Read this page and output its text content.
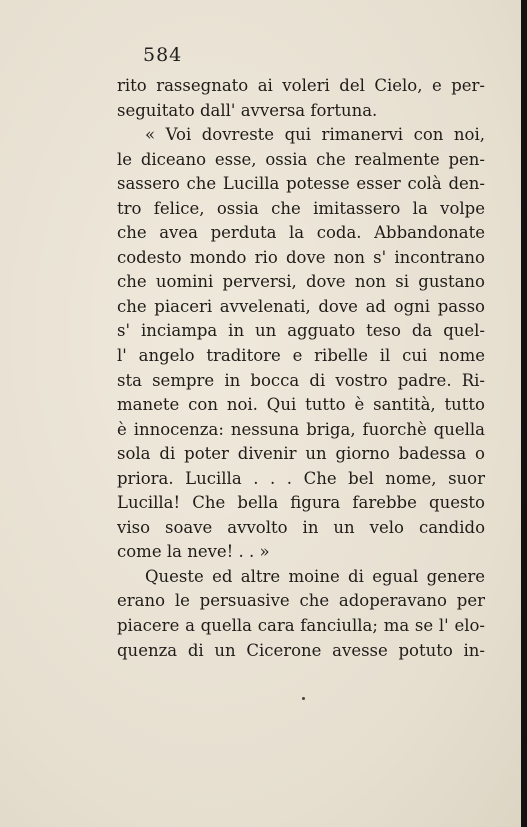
584
rito rassegnato ai voleri del Cielo, e per-
seguitato dall' avversa fortuna.
« Voi dovreste qui rimanervi con noi,
le diceano esse, ossia che realmente pen-
sassero che Lucilla potesse esser colà den-
tro felice, ossia che imitassero la volpe
che avea perduta la coda. Abbandonate
codesto mondo rio dove non s' incontrano
che uomini perversi, dove non si gustano
che piaceri avvelenati, dove ad ogni passo
s' inciampa in un agguato teso da quel-
l' angelo traditore e ribelle il cui nome
sta sempre in bocca di vostro padre. Ri-
manete con noi. Qui tutto è santità, tutto
è innocenza: nessuna briga, fuorchè quella
sola di poter divenir un giorno badessa o
priora. Lucilla . . . Che bel nome, suor
Lucilla! Che bella figura farebbe questo
viso soave avvolto in un velo candido
come la neve! . . »
Queste ed altre moine di egual genere
erano le persuasive che adoperavano per
piacere a quella cara fanciulla; ma se l' elo-
quenza di un Cicerone avesse potuto in-
